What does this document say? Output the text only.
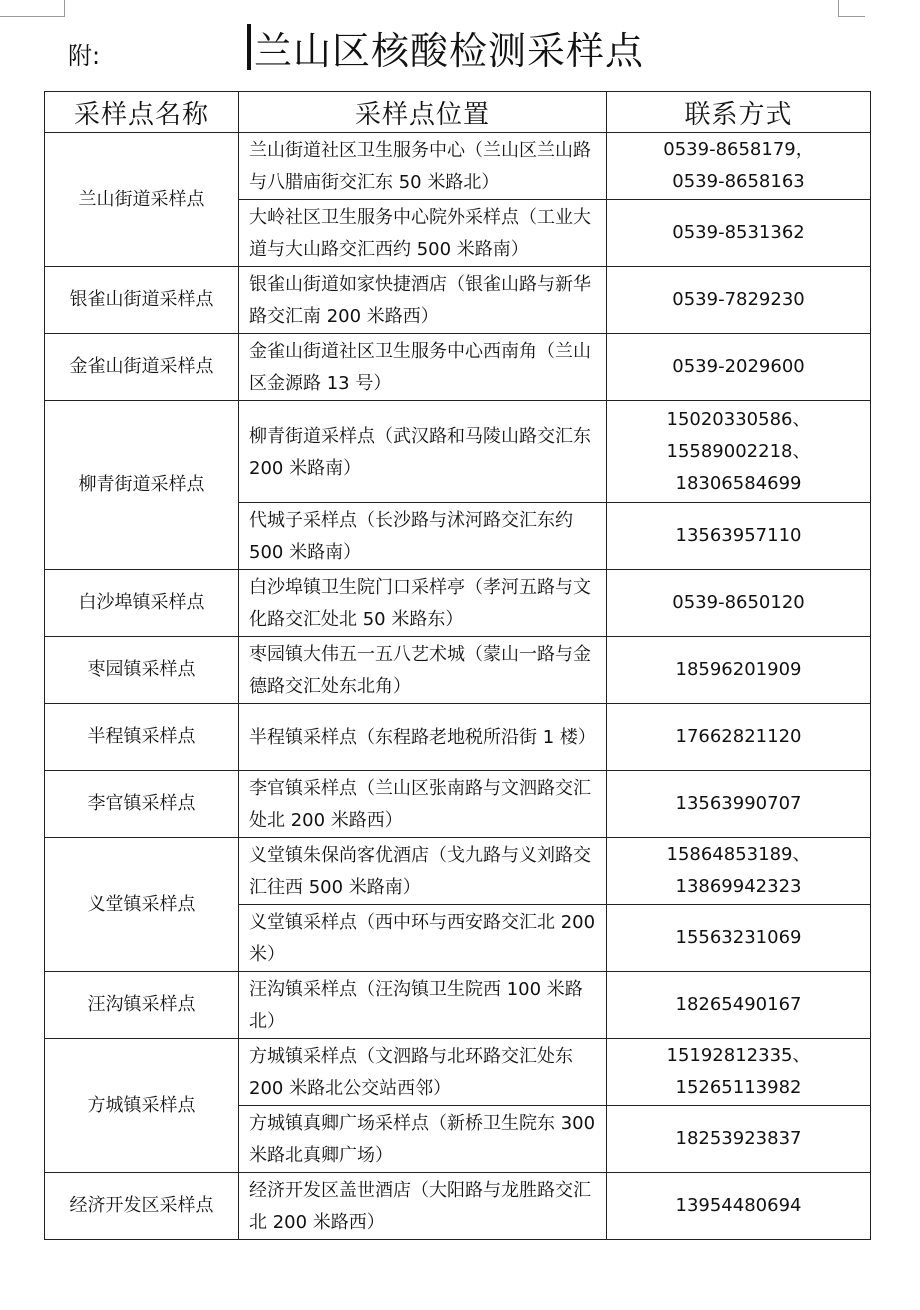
附:	兰山区核酸检测采样点
采样点名称	采样点位置	联系方式
兰山街道采样点	兰山街道社区卫生服务中心（兰山区兰山路与八腊庙街交汇东 50 米路北）	0539-8658179，
0539-8658163

	大岭社区卫生服务中心院外采样点（工业大道与大山路交汇西约 500 米路南）	0539-8531362

银雀山街道采样点	银雀山街道如家快捷酒店（银雀山路与新华路交汇南 200 米路西）	0539-7829230

金雀山街道采样点	金雀山街道社区卫生服务中心西南角（兰山区金源路 13 号）	0539-2029600

柳青街道采样点	柳青街道采样点（武汉路和马陵山路交汇东 200 米路南）	15020330586、
15589002218、
18306584699

	代城子采样点（长沙路与沭河路交汇东约 500 米路南）	13563957110

白沙埠镇采样点	白沙埠镇卫生院门口采样亭（孝河五路与文化路交汇处北 50 米路东）	0539-8650120

枣园镇采样点	枣园镇大伟五一五八艺术城（蒙山一路与金德路交汇处东北角）	18596201909

半程镇采样点	半程镇采样点（东程路老地税所沿街 1 楼）	17662821120

李官镇采样点	李官镇采样点（兰山区张南路与文泗路交汇处北 200 米路西）	13563990707

义堂镇采样点	义堂镇朱保尚客优酒店（戈九路与义刘路交汇往西 500 米路南）	15864853189、
13869942323

	义堂镇采样点（西中环与西安路交汇北 200 米）	15563231069

汪沟镇采样点	汪沟镇采样点（汪沟镇卫生院西 100 米路北）	18265490167

方城镇采样点	方城镇采样点（文泗路与北环路交汇处东 200 米路北公交站西邻）	15192812335、
15265113982

	方城镇真卿广场采样点（新桥卫生院东 300 米路北真卿广场）	18253923837

经济开发区采样点	经济开发区盖世酒店（大阳路与龙胜路交汇北 200 米路西）	13954480694
